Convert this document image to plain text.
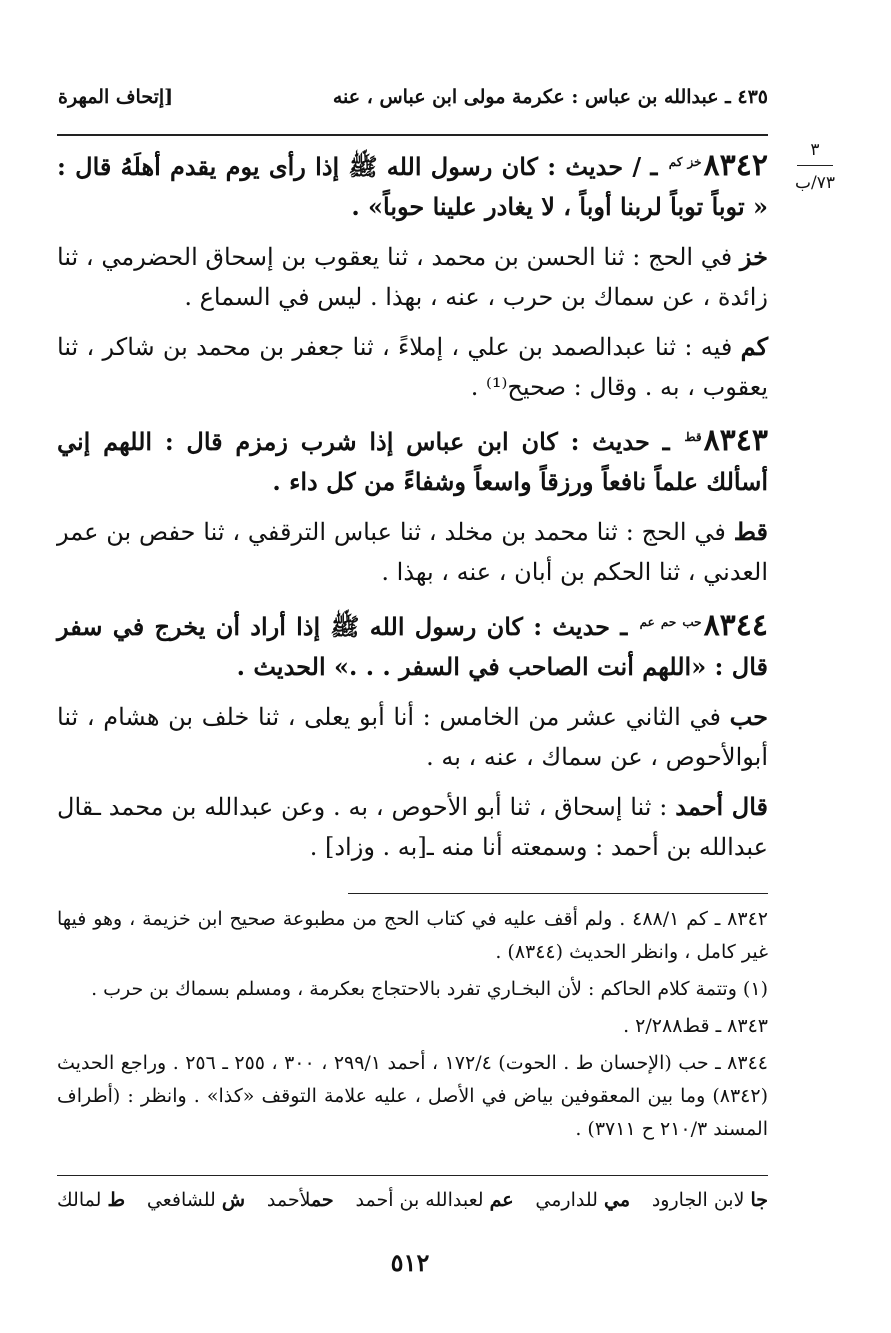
[إتحاف المهرة	٤٣٥ ـ عبدالله بن عباس : عكرمة مولى ابن عباس ، عنه
٣
٧٣/ب

$٨٣٤٢^{خز كم}$ ـ / حديث : كان رسول الله ﷺ إذا رأى يوم يقدم أهلَهُ قال : « توباً توباً لربنا أوباً ، لا يغادر علينا حوباً» .

خز في الحج : ثنا الحسن بن محمد ، ثنا يعقوب بن إسحاق الحضرمي ، ثنا زائدة ، عن سماك بن حرب ، عنه ، بهذا . ليس في السماع .

كم فيه : ثنا عبدالصمد بن علي ، إملاءً ، ثنا جعفر بن محمد بن شاكر ، ثنا يعقوب ، به . وقال : صحيح⁽¹⁾ .

$٨٣٤٣^{قط}$ ـ حديث : كان ابن عباس إذا شرب زمزم قال : اللهم إني أسألك علماً نافعاً ورزقاً واسعاً وشفاءً من كل داء .

قط في الحج : ثنا محمد بن مخلد ، ثنا عباس الترقفي ، ثنا حفص بن عمر العدني ، ثنا الحكم بن أبان ، عنه ، بهذا .

$٨٣٤٤^{حب حم عم}$ ـ حديث : كان رسول الله ﷺ إذا أراد أن يخرج في سفر قال : «اللهم أنت الصاحب في السفر . . .» الحديث .

حب في الثاني عشر من الخامس : أنا أبو يعلى ، ثنا خلف بن هشام ، ثنا أبوالأحوص ، عن سماك ، عنه ، به .

قال أحمد : ثنا إسحاق ، ثنا أبو الأحوص ، به . وعن عبدالله بن محمد ـقال عبدالله بن أحمد : وسمعته أنا منه ـ[به . وزاد] .

٨٣٤٢ ـ كم ٤٨٨/١ . ولم أقف عليه في كتاب الحج من مطبوعة صحيح ابن خزيمة ، وهو فيها غير كامل ، وانظر الحديث (٨٣٤٤) .

(١) وتتمة كلام الحاكم : لأن البخـاري تفرد بالاحتجاج بعكرمة ، ومسلم بسماك بن حرب .

٨٣٤٣ ـ قط٢/٢٨٨ .

٨٣٤٤ ـ حب (الإحسان ط . الحوت) ١٧٢/٤ ، أحمد ٢٩٩/١ ، ٣٠٠ ، ٢٥٥ ـ ٢٥٦ . وراجع الحديث (٨٣٤٢) وما بين المعقوفين بياض في الأصل ، عليه علامة التوقف «كذا» . وانظر : (أطراف المسند ٢١٠/٣ ح ٣٧١١) .

ط لمالك	ش للشافعي	حملأحمد	عم لعبدالله بن أحمد	مي للدارمي	جا لابن الجارود
٥١٢
